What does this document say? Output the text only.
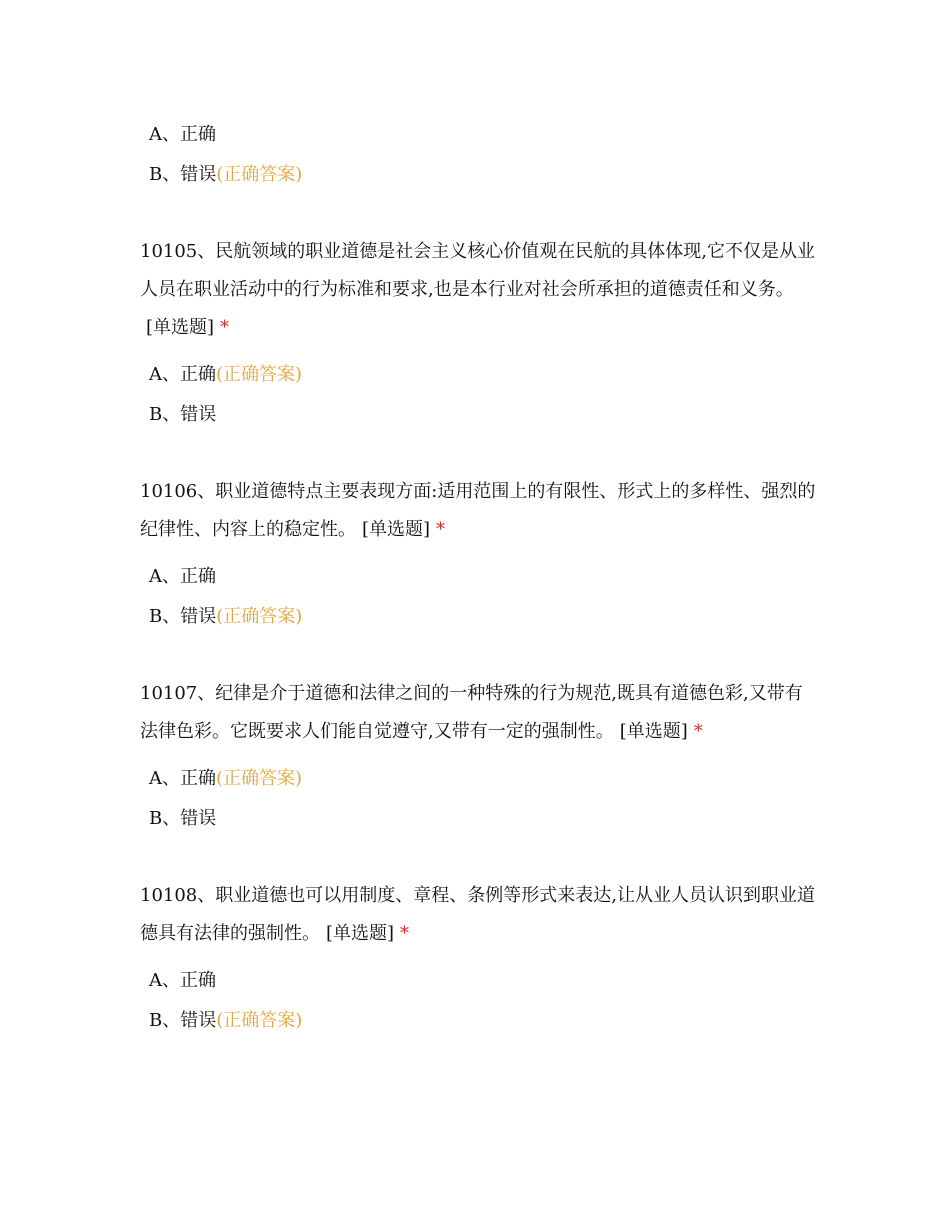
A、正确
B、错误(正确答案)
10105、民航领域的职业道德是社会主义核心价值观在民航的具体体现,它不仅是从业人员在职业活动中的行为标准和要求,也是本行业对社会所承担的道德责任和义务。[单选题] *
A、正确(正确答案)
B、错误
10106、职业道德特点主要表现方面:适用范围上的有限性、形式上的多样性、强烈的纪律性、内容上的稳定性。 [单选题] *
A、正确
B、错误(正确答案)
10107、纪律是介于道德和法律之间的一种特殊的行为规范,既具有道德色彩,又带有法律色彩。它既要求人们能自觉遵守,又带有一定的强制性。 [单选题] *
A、正确(正确答案)
B、错误
10108、职业道德也可以用制度、章程、条例等形式来表达,让从业人员认识到职业道德具有法律的强制性。 [单选题] *
A、正确
B、错误(正确答案)
